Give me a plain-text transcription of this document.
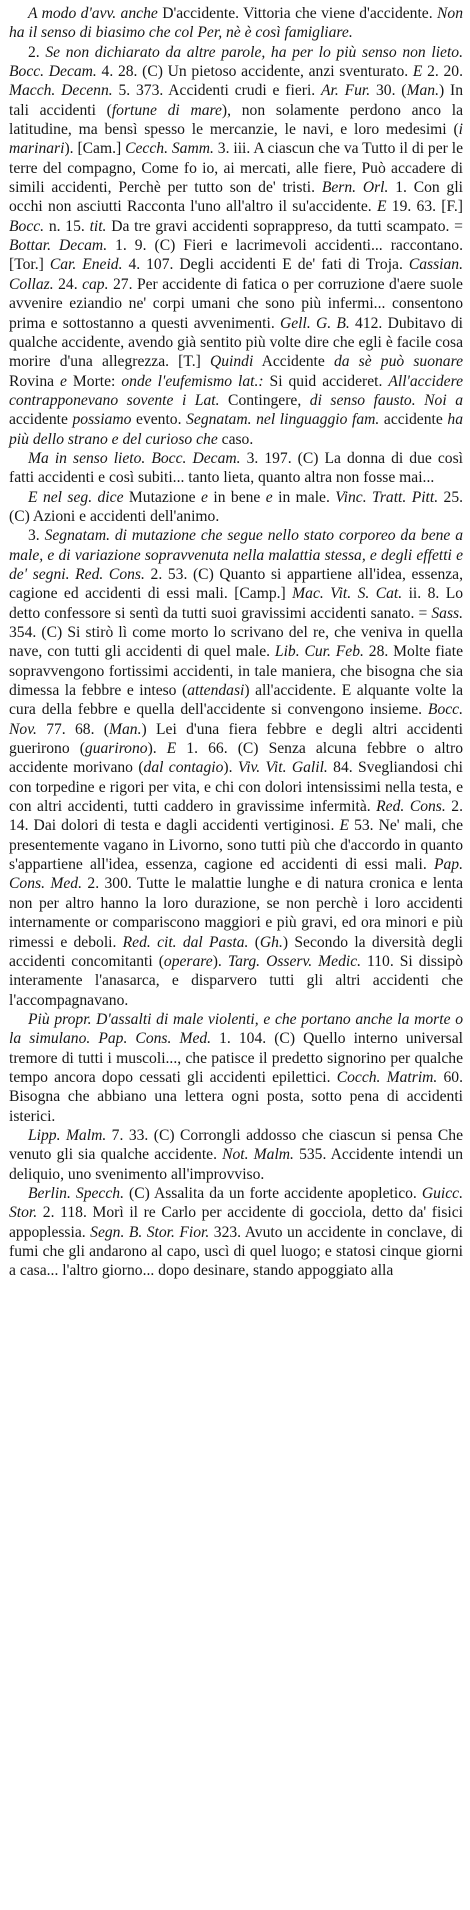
A modo d'avv. anche D'accidente. Vittoria che viene d'accidente. Non ha il senso di biasimo che col Per, nè è così famigliare.

2. Se non dichiarato da altre parole, ha per lo più senso non lieto. Bocc. Decam. 4. 28. (C) Un pietoso accidente, anzi sventurato. E 2. 20. Macch. Decenn. 5. 373. Accidenti crudi e fieri. Ar. Fur. 30. (Man.) In tali accidenti (fortune di mare), non solamente perdono anco la latitudine, ma bensì spesso le mercanzie, le navi, e loro medesimi (i marinari). [Cam.] Cecch. Samm. 3. iii. A ciascun che va Tutto il di per le terre del compagno, Come fo io, ai mercati, alle fiere, Può accadere di simili accidenti, Perchè per tutto son de' tristi. Bern. Orl. 1. Con gli occhi non asciutti Racconta l'uno all'altro il su'accidente. E 19. 63. [F.] Bocc. n. 15. tit. Da tre gravi accidenti soprappreso, da tutti scampato. = Bottar. Decam. 1. 9. (C) Fieri e lacrimevoli accidenti... raccontano. [Tor.] Car. Eneid. 4. 107. Degli accidenti E de' fati di Troja. Cassian. Collaz. 24. cap. 27. Per accidente di fatica o per corruzione d'aere suole avvenire eziandio ne' corpi umani che sono più infermi... consentono prima e sottostanno a questi avvenimenti. Gell. G. B. 412. Dubitavo di qualche accidente, avendo già sentito più volte dire che egli è facile cosa morire d'una allegrezza. [T.] Quindi Accidente da sè può suonare Rovina e Morte: onde l'eufemismo lat.: Si quid accideret. All'accidere contrapponevano sovente i Lat. Contingere, di senso fausto. Noi a accidente possiamo evento. Segnatam. nel linguaggio fam. accidente ha più dello strano e del curioso che caso.

Ma in senso lieto. Bocc. Decam. 3. 197. (C) La donna di due così fatti accidenti e così subiti... tanto lieta, quanto altra non fosse mai...

E nel seg. dice Mutazione e in bene e in male. Vinc. Tratt. Pitt. 25. (C) Azioni e accidenti dell'animo.

3. Segnatam. di mutazione che segue nello stato corporeo da bene a male, e di variazione sopravvenuta nella malattia stessa, e degli effetti e de' segni. Red. Cons. 2. 53. (C) Quanto si appartiene all'idea, essenza, cagione ed accidenti di essi mali. [Camp.] Mac. Vit. S. Cat. ii. 8. Lo detto confessore si sentì da tutti suoi gravissimi accidenti sanato. = Sass. 354. (C) Si stirò lì come morto lo scrivano del re, che veniva in quella nave, con tutti gli accidenti di quel male. Lib. Cur. Feb. 28. Molte fiate sopravvengono fortissimi accidenti, in tale maniera, che bisogna che sia dimessa la febbre e inteso (attendasi) all'accidente. E alquante volte la cura della febbre e quella dell'accidente si convengono insieme. Bocc. Nov. 77. 68. (Man.) Lei d'una fiera febbre e degli altri accidenti guerirono (guarirono). E 1. 66. (C) Senza alcuna febbre o altro accidente morivano (dal contagio). Viv. Vit. Galil. 84. Svegliandosi chi con torpedine e rigori per vita, e chi con dolori intensissimi nella testa, e con altri accidenti, tutti caddero in gravissime infermità. Red. Cons. 2. 14. Dai dolori di testa e dagli accidenti vertiginosi. E 53. Ne' mali, che presentemente vagano in Livorno, sono tutti più che d'accordo in quanto s'appartiene all'idea, essenza, cagione ed accidenti di essi mali. Pap. Cons. Med. 2. 300. Tutte le malattie lunghe e di natura cronica e lenta non per altro hanno la loro durazione, se non perchè i loro accidenti internamente or compariscono maggiori e più gravi, ed ora minori e più rimessi e deboli. Red. cit. dal Pasta. (Gh.) Secondo la diversità degli accidenti concomitanti (operare). Targ. Osserv. Medic. 110. Si dissipò interamente l'anasarca, e disparvero tutti gli altri accidenti che l'accompagnavano.

Più propr. D'assalti di male violenti, e che portano anche la morte o la simulano. Pap. Cons. Med. 1. 104. (C) Quello interno universal tremore di tutti i muscoli..., che patisce il predetto signorino per qualche tempo ancora dopo cessati gli accidenti epilettici. Cocch. Matrim. 60. Bisogna che abbiano una lettera ogni posta, sotto pena di accidenti isterici.

Lipp. Malm. 7. 33. (C) Corrongli addosso che ciascun si pensa Che venuto gli sia qualche accidente. Not. Malm. 535. Accidente intendi un deliquio, uno svenimento all'improvviso.

Berlin. Specch. (C) Assalita da un forte accidente apopletico. Guicc. Stor. 2. 118. Morì il re Carlo per accidente di gocciola, detto da' fisici appoplessia. Segn. B. Stor. Fior. 323. Avuto un accidente in conclave, di fumi che gli andarono al capo, uscì di quel luogo; e statosi cinque giorni a casa... l'altro giorno... dopo desinare, stando appoggiato alla
